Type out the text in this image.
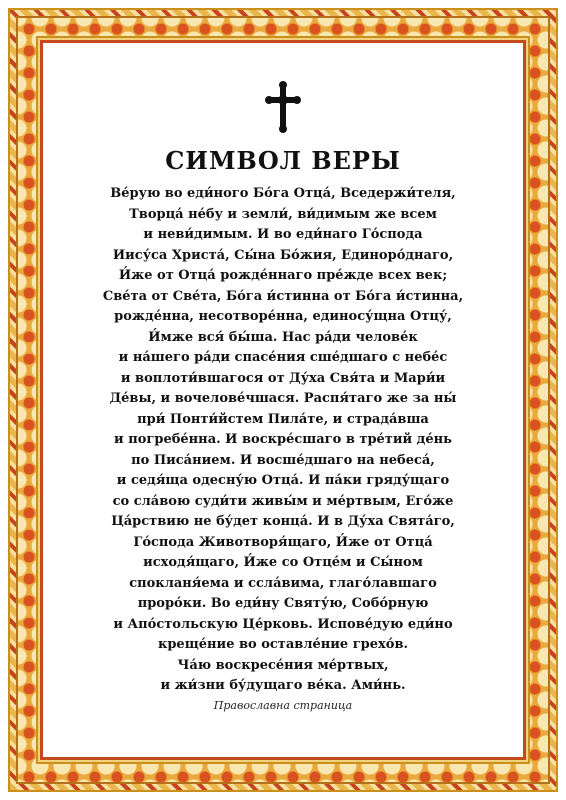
СИМВОЛ ВЕРЫ
Ве́рую во еди́ного Бо́га Отца́, Вседержи́теля,
Творца́ не́бу и земли́, ви́димым же всем
и неви́димым. И во еди́наго Го́спода
Иису́са Христа́, Сы́на Бо́жия, Единоро́днаго,
И́же от Отца́ рожде́ннаго пре́жде всех век;
Све́та от Све́та, Бо́га и́стинна от Бо́га и́стинна,
рожде́нна, несотворе́нна, единосу́щна Отцу́,
И́мже вся́ бы́ша. Нас ра́ди челове́к
и на́шего ра́ди спасе́ния сше́дшаго с небе́с
и воплоти́вшагося от Ду́ха Свя́та и Мари́и
Де́вы, и вочелове́чшася. Распя́таго же за ны́
при́ Понти́йстем Пила́те, и страда́вша
и погребе́нна. И воскре́сшаго в тре́тий де́нь
по Писа́нием. И восше́дшаго на небеса́,
и седя́ща одесну́ю Отца́. И па́ки гряду́щаго
со сла́вою суди́ти живы́м и ме́ртвым, Его́же
Ца́рствию не бу́дет конца́. И в Ду́ха Свята́го,
Го́спода Животворя́щаго, И́же от Отца́
исходя́щаго, И́же со Отце́м и Сы́ном
спокланя́ема и ссла́вима, глаго́лавшаго
проро́ки. Во еди́ну Святу́ю, Собо́рную
и Апо́стольскую Це́рковь. Испове́дую еди́но
креще́ние во оставле́ние грехо́в.
Ча́ю воскресе́ния ме́ртвых,
и жи́зни бу́дущаго ве́ка. Ами́нь.
Православна страница
